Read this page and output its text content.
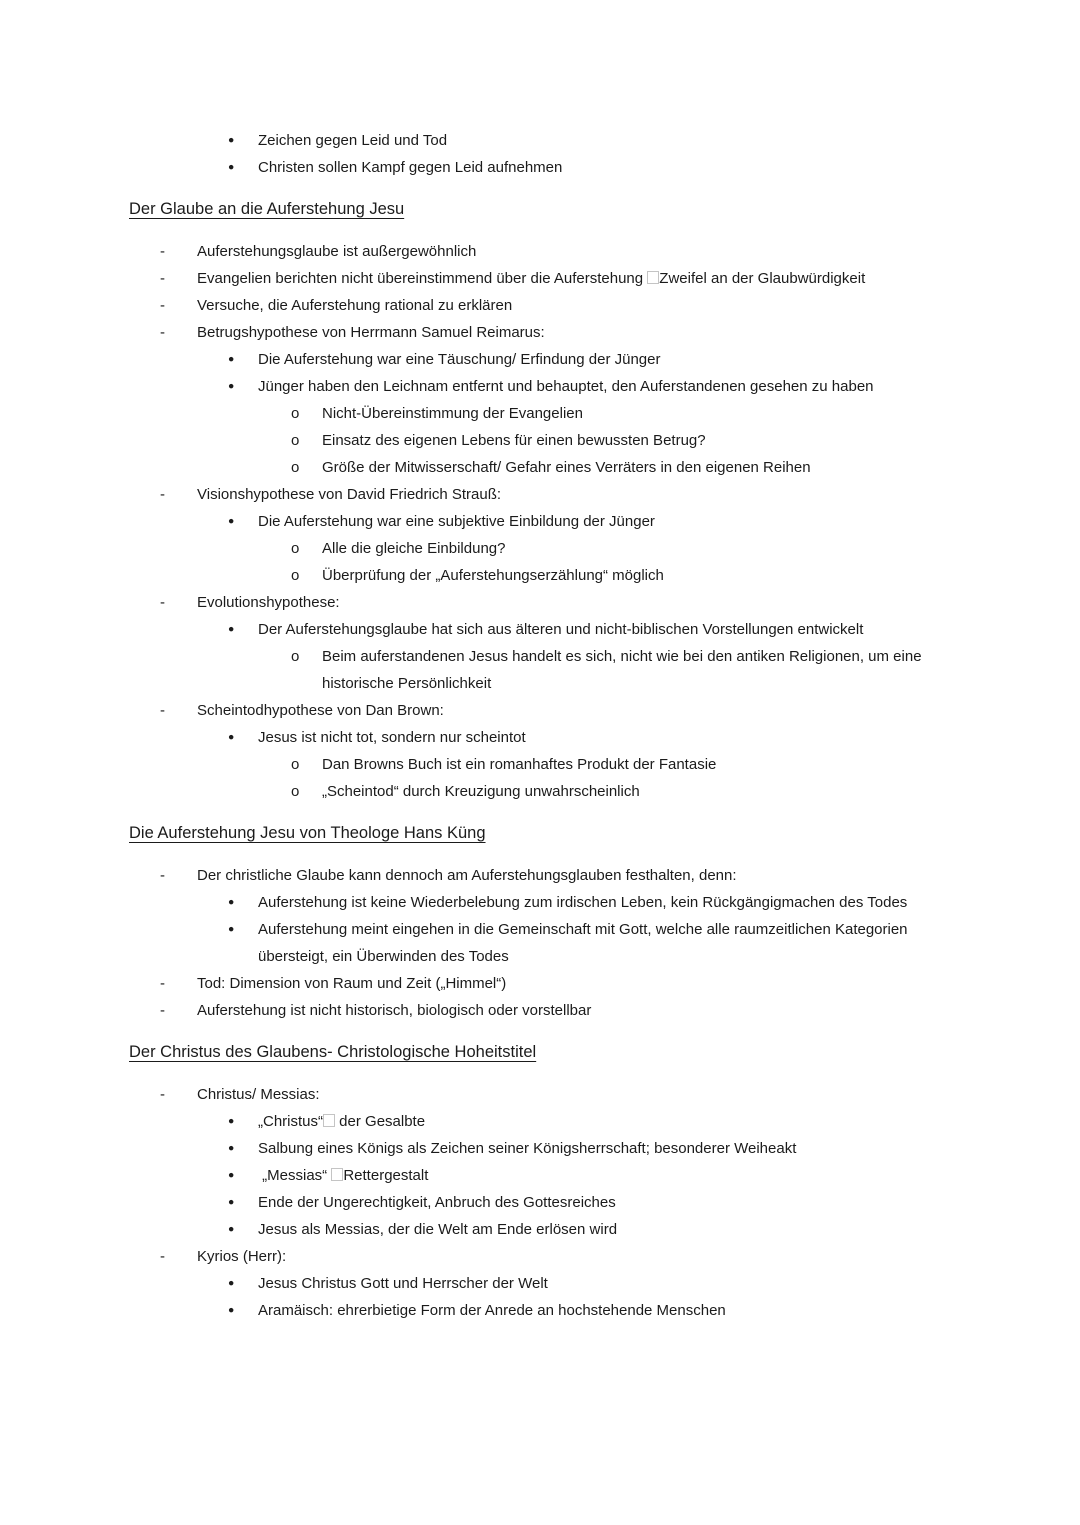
● Zeichen gegen Leid und Tod
● Christen sollen Kampf gegen Leid aufnehmen
Der Glaube an die Auferstehung Jesu
- Auferstehungsglaube ist außergewöhnlich
- Evangelien berichten nicht übereinstimmend über die Auferstehung Zweifel an der Glaubwürdigkeit
- Versuche, die Auferstehung rational zu erklären
- Betrugshypothese von Herrmann Samuel Reimarus:
● Die Auferstehung war eine Täuschung/ Erfindung der Jünger
● Jünger haben den Leichnam entfernt und behauptet, den Auferstandenen gesehen zu haben
o Nicht-Übereinstimmung der Evangelien
o Einsatz des eigenen Lebens für einen bewussten Betrug?
o Größe der Mitwisserschaft/ Gefahr eines Verräters in den eigenen Reihen
- Visionshypothese von David Friedrich Strauß:
● Die Auferstehung war eine subjektive Einbildung der Jünger
o Alle die gleiche Einbildung?
o Überprüfung der „Auferstehungserzählung“ möglich
- Evolutionshypothese:
● Der Auferstehungsglaube hat sich aus älteren und nicht-biblischen Vorstellungen entwickelt
o Beim auferstandenen Jesus handelt es sich, nicht wie bei den antiken Religionen, um eine historische Persönlichkeit
- Scheintodhypothese von Dan Brown:
● Jesus ist nicht tot, sondern nur scheintot
o Dan Browns Buch ist ein romanhaftes Produkt der Fantasie
o „Scheintod“ durch Kreuzigung unwahrscheinlich
Die Auferstehung Jesu von Theologe Hans Küng
- Der christliche Glaube kann dennoch am Auferstehungsglauben festhalten, denn:
● Auferstehung ist keine Wiederbelebung zum irdischen Leben, kein Rückgängigmachen des Todes
● Auferstehung meint eingehen in die Gemeinschaft mit Gott, welche alle raumzeitlichen Kategorien übersteigt, ein Überwinden des Todes
- Tod: Dimension von Raum und Zeit („Himmel“)
- Auferstehung ist nicht historisch, biologisch oder vorstellbar
Der Christus des Glaubens- Christologische Hoheitstitel
- Christus/ Messias:
● „Christus“ der Gesalbte
● Salbung eines Königs als Zeichen seiner Königsherrschaft; besonderer Weiheakt
● „Messias“ Rettergestalt
● Ende der Ungerechtigkeit, Anbruch des Gottesreiches
● Jesus als Messias, der die Welt am Ende erlösen wird
- Kyrios (Herr):
● Jesus Christus Gott und Herrscher der Welt
● Aramäisch: ehrerbietige Form der Anrede an hochstehende Menschen
